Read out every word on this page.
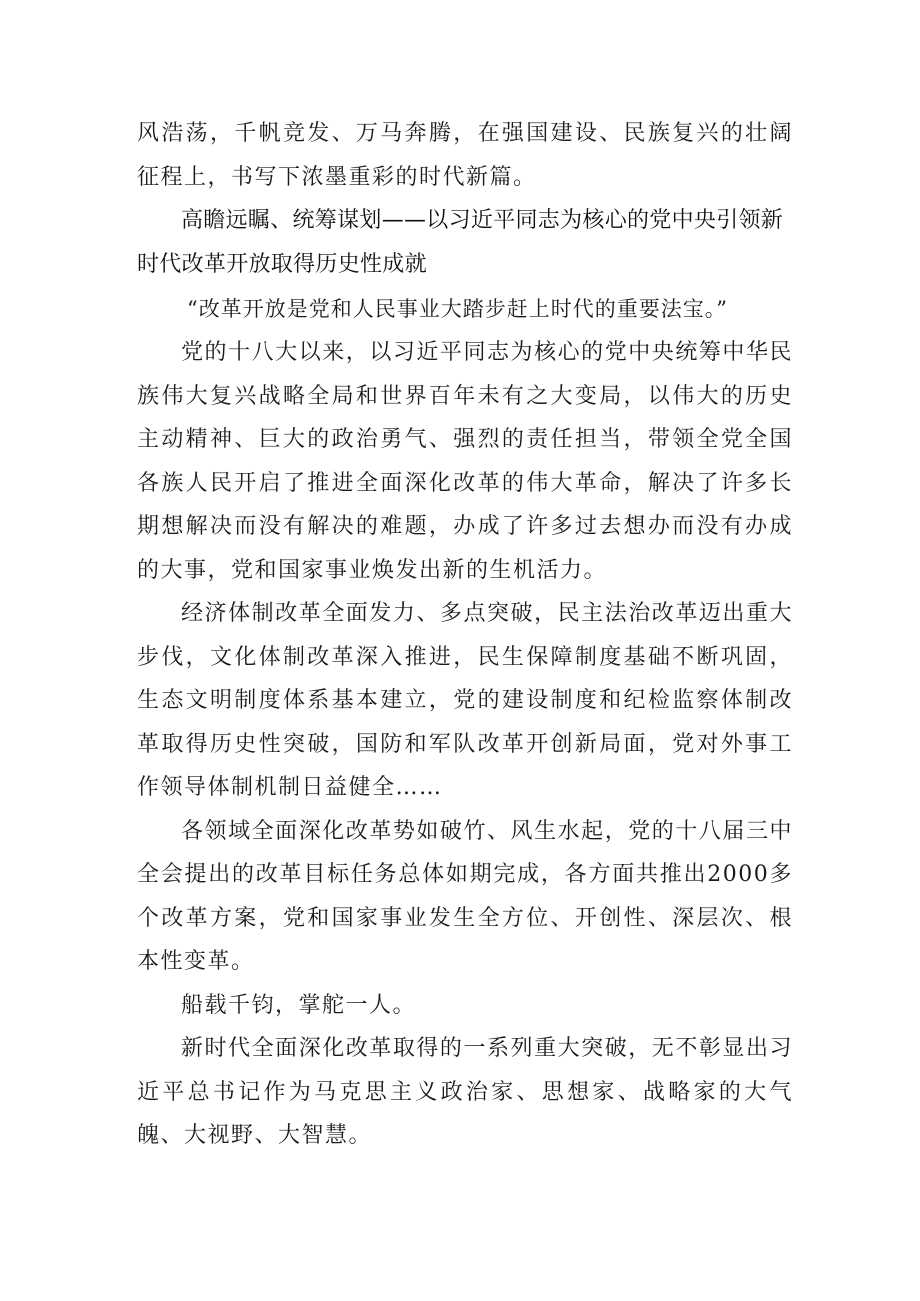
风浩荡，千帆竞发、万马奔腾，在强国建设、民族复兴的壮阔征程上，书写下浓墨重彩的时代新篇。

高瞻远瞩、统筹谋划——以习近平同志为核心的党中央引领新时代改革开放取得历史性成就

“改革开放是党和人民事业大踏步赶上时代的重要法宝。”

党的十八大以来，以习近平同志为核心的党中央统筹中华民族伟大复兴战略全局和世界百年未有之大变局，以伟大的历史主动精神、巨大的政治勇气、强烈的责任担当，带领全党全国各族人民开启了推进全面深化改革的伟大革命，解决了许多长期想解决而没有解决的难题，办成了许多过去想办而没有办成的大事，党和国家事业焕发出新的生机活力。

经济体制改革全面发力、多点突破，民主法治改革迈出重大步伐，文化体制改革深入推进，民生保障制度基础不断巩固，生态文明制度体系基本建立，党的建设制度和纪检监察体制改革取得历史性突破，国防和军队改革开创新局面，党对外事工作领导体制机制日益健全……

各领域全面深化改革势如破竹、风生水起，党的十八届三中全会提出的改革目标任务总体如期完成，各方面共推出2000多个改革方案，党和国家事业发生全方位、开创性、深层次、根本性变革。

船载千钧，掌舵一人。

新时代全面深化改革取得的一系列重大突破，无不彰显出习近平总书记作为马克思主义政治家、思想家、战略家的大气魄、大视野、大智慧。
